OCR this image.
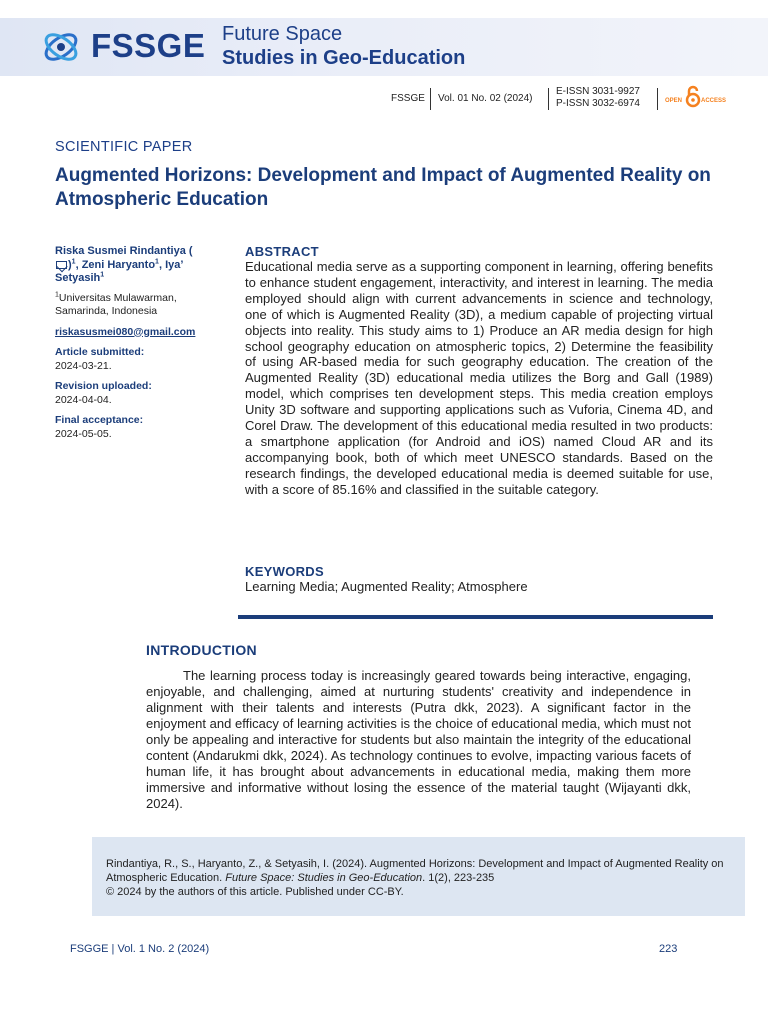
FSSGE Future Space
Studies in Geo-Education
FSSGE Vol. 01 No. 02 (2024)
E-ISSN 3031-9927
P-ISSN 3032-6974	OPEN	ACCESS
SCIENTIFIC PAPER
Augmented Horizons: Development and Impact of Augmented Reality on Atmospheric Education
Riska Susmei Rindantiya ()$^1$, Zeni Haryanto$^1$, Iya’ Setyasih$^1$
$^1$Universitas Mulawarman, Samarinda, Indonesia
riskasusmei080@gmail.com
Article submitted:
2024-03-21.
Revision uploaded:
2024-04-04.
Final acceptance:
2024-05-05.
ABSTRACT
Educational media serve as a supporting component in learning, offering benefits to enhance student engagement, interactivity, and interest in learning. The media employed should align with current advancements in science and technology, one of which is Augmented Reality (3D), a medium capable of projecting virtual objects into reality. This study aims to 1) Produce an AR media design for high school geography education on atmospheric topics, 2) Determine the feasibility of using AR-based media for such geography education. The creation of the Augmented Reality (3D) educational media utilizes the Borg and Gall (1989) model, which comprises ten development steps. This media creation employs Unity 3D software and supporting applications such as Vuforia, Cinema 4D, and Corel Draw. The development of this educational media resulted in two products: a smartphone application (for Android and iOS) named Cloud AR and its accompanying book, both of which meet UNESCO standards. Based on the research findings, the developed educational media is deemed suitable for use, with a score of 85.16% and classified in the suitable category.
KEYWORDS
Learning Media; Augmented Reality; Atmosphere
INTRODUCTION
The learning process today is increasingly geared towards being interactive, engaging, enjoyable, and challenging, aimed at nurturing students' creativity and independence in alignment with their talents and interests (Putra dkk, 2023). A significant factor in the enjoyment and efficacy of learning activities is the choice of educational media, which must not only be appealing and interactive for students but also maintain the integrity of the educational content (Andarukmi dkk, 2024). As technology continues to evolve, impacting various facets of human life, it has brought about advancements in educational media, making them more immersive and informative without losing the essence of the material taught (Wijayanti dkk, 2024).
Rindantiya, R., S., Haryanto, Z., & Setyasih, I. (2024). Augmented Horizons: Development and Impact of Augmented Reality on Atmospheric Education. Future Space: Studies in Geo-Education. 1(2), 223-235
© 2024 by the authors of this article. Published under CC-BY.
FSGGE | Vol. 1 No. 2 (2024)	223
